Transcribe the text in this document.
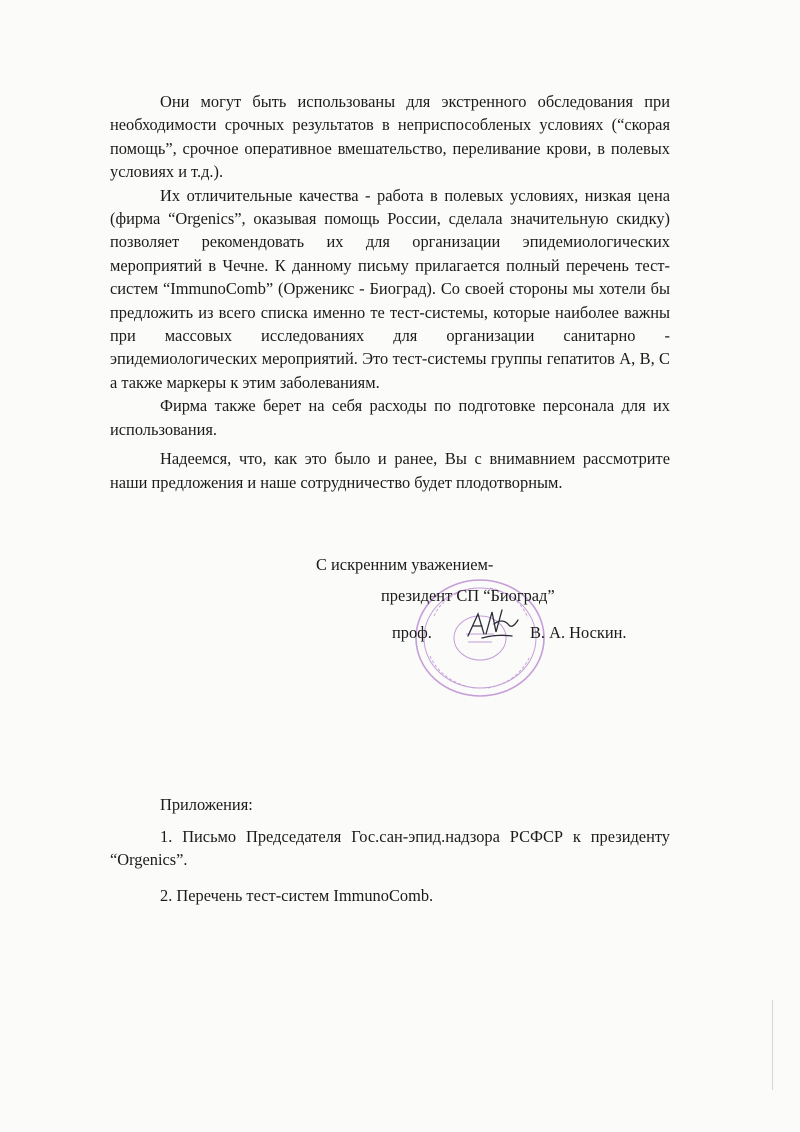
Они могут быть использованы для экстренного обследования при необходимости срочных результатов в неприспособленых условиях (“скорая помощь”, срочное оперативное вмешательство, переливание крови, в полевых условиях и т.д.).

Их отличительные качества - работа в полевых условиях, низкая цена (фирма “Orgenics”, оказывая помощь России, сделала значительную скидку) позволяет рекомендовать их для организации эпидемиологических мероприятий в Чечне. К данному письму прилагается полный перечень тест-систем “ImmunoComb” (Орженикс - Биоград). Со своей стороны мы хотели бы предложить из всего списка именно те тест-системы, которые наиболее важны при массовых исследованиях для организации санитарно - эпидемиологических мероприятий. Это тест-системы группы гепатитов А, В, С а также маркеры к этим заболеваниям.

Фирма также берет на себя расходы по подготовке персонала для их использования.

Надеемся, что, как это было и ранее, Вы с внимавнием рассмотрите наши предложения и наше сотрудничество будет плодотворным.

С искренним уважением-
президент СП “Биоград”
проф.	В. А. Носкин.
Приложения:

1. Письмо Председателя Гос.сан-эпид.надзора РСФСР к президенту “Orgenics”.

2. Перечень тест-систем ImmunoComb.
